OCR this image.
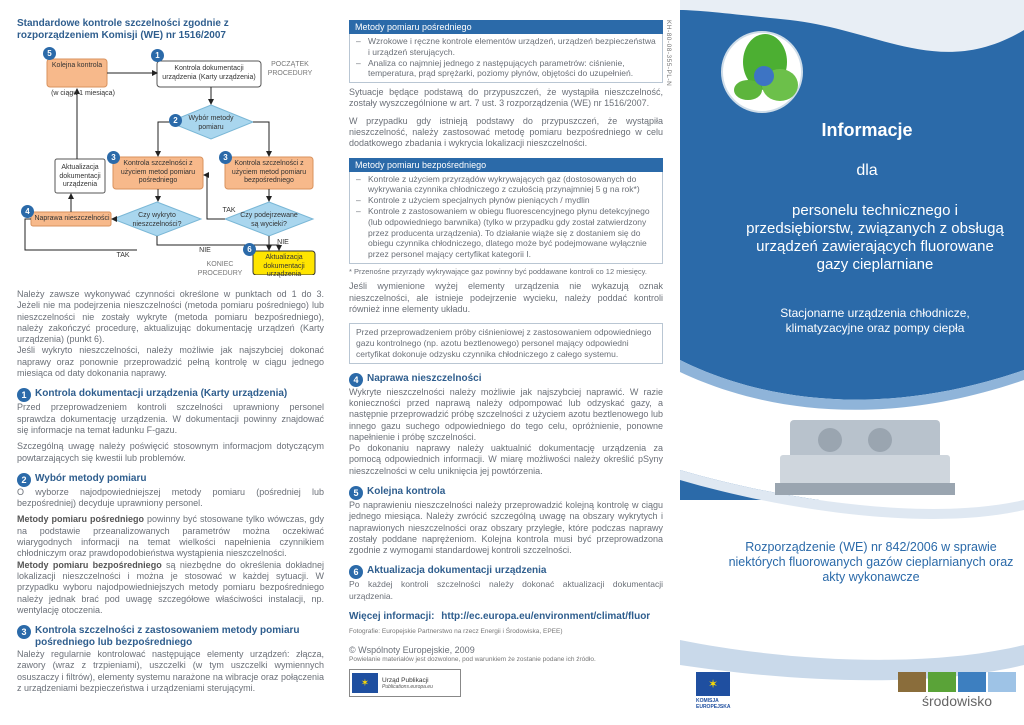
Standardowe kontrole szczelności zgodnie z rozporządzeniem Komisji (WE) nr 1516/2007
5
Kolejna kontrola
(w ciągu 1 miesiąca)
1
Kontrola dokumentacji urządzenia (Karty urządzenia)
POCZĄTEK PROCEDURY
2	Wybór metody pomiaru
3
Kontrola szczelności z użyciem metod pomiaru pośredniego
3
Kontrola szczelności z użyciem metod pomiaru bezpośredniego
Aktualizacja dokumentacji urządzenia
4
Naprawa nieszczelności	Czy wykryto nieszczelności?
Czy podejrzewane są wycieki?
TAK
NIE
TAK
NIE
6
Aktualizacja dokumentacji urządzenia
KONIEC PROCEDURY

Należy zawsze wykonywać czynności określone w punktach od 1 do 3. Jeżeli nie ma podejrzenia nieszczelności (metoda pomiaru pośredniego) lub nieszczelności nie zostały wykryte (metoda pomiaru bezpośredniego), należy zakończyć procedurę, aktualizując dokumentację urządzeń (Karty urządzenia) (punkt 6).

Jeśli wykryto nieszczelności, należy możliwie jak najszybciej dokonać naprawy oraz ponownie przeprowadzić pełną kontrolę w ciągu jednego miesiąca od daty dokonania naprawy.

1 Kontrola dokumentacji urządzenia (Karty urządzenia)

Przed przeprowadzeniem kontroli szczelności uprawniony personel sprawdza dokumentację urządzenia. W dokumentacji powinny znajdować się informacje na temat ładunku F-gazu.

Szczególną uwagę należy poświęcić stosownym informacjom dotyczącym powtarzających się kwestii lub problemów.

2 Wybór metody pomiaru

O wyborze najodpowiedniejszej metody pomiaru (pośredniej lub bezpośredniej) decyduje uprawniony personel.

Metody pomiaru pośredniego powinny być stosowane tylko wówczas, gdy na podstawie przeanalizowanych parametrów można oczekiwać wiarygodnych informacji na temat wielkości napełnienia czynnikiem chłodniczym oraz prawdopodobieństwa wystąpienia nieszczelności.

Metody pomiaru bezpośredniego są niezbędne do określenia dokładnej lokalizacji nieszczelności i można je stosować w każdej sytuacji. W przypadku wyboru najodpowiedniejszych metody pomiaru bezpośredniego należy jednak brać pod uwagę szczegółowe właściwości instalacji, np. wentylację otoczenia.

3 Kontrola szczelności z zastosowaniem metody pomiaru pośredniego lub bezpośredniego

Należy regularnie kontrolować następujące elementy urządzeń: złącza, zawory (wraz z trzpieniami), uszczelki (w tym uszczelki wymiennych osuszaczy i filtrów), elementy systemu narażone na wibracje oraz połączenia z urządzeniami bezpieczeństwa i urządzeniami sterującymi.

Metody pomiaru pośredniego
– Wzrokowe i ręczne kontrole elementów urządzeń, urządzeń bezpieczeństwa i urządzeń sterujących.
– Analiza co najmniej jednego z następujących parametrów: ciśnienie, temperatura, prąd sprężarki, poziomy płynów, objętości do uzupełnień.

Sytuacje będące podstawą do przypuszczeń, że wystąpiła nieszczelność, zostały wyszczególnione w art. 7 ust. 3 rozporządzenia (WE) nr 1516/2007.

W przypadku gdy istnieją podstawy do przypuszczeń, że wystąpiła nieszczelność, należy zastosować metodę pomiaru bezpośredniego w celu dodatkowego zbadania i wykrycia lokalizacji nieszczelności.

Metody pomiaru bezpośredniego
– Kontrole z użyciem przyrządów wykrywających gaz (dostosowanych do wykrywania czynnika chłodniczego z czułością przynajmniej 5 g na rok*)
– Kontrole z użyciem specjalnych płynów pieniących / mydlin
– Kontrole z zastosowaniem w obiegu fluorescencyjnego płynu detekcyjnego (lub odpowiedniego barwnika) (tylko w przypadku gdy został zatwierdzony przez producenta urządzenia). To działanie wiąże się z dostaniem się do obiegu czynnika chłodniczego, dlatego może być podejmowane wyłącznie przez personel mający certyfikat kategorii I.

* Przenośne przyrządy wykrywające gaz powinny być poddawane kontroli co 12 miesięcy.

Jeśli wymienione wyżej elementy urządzenia nie wykazują oznak nieszczelności, ale istnieje podejrzenie wycieku, należy poddać kontroli również inne elementy układu.

Przed przeprowadzeniem próby ciśnieniowej z zastosowaniem odpowiedniego gazu kontrolnego (np. azotu beztlenowego) personel mający odpowiedni certyfikat dokonuje odzysku czynnika chłodniczego z całego systemu.
4 Naprawa nieszczelności

Wykryte nieszczelności należy możliwie jak najszybciej naprawić. W razie konieczności przed naprawą należy odpompować lub odzyskać gazy, a następnie przeprowadzić próbę szczelności z użyciem azotu beztlenowego lub innego gazu suchego odpowiedniego do tego celu, opróżnienie, ponowne napełnienie i próbę szczelności.

Po dokonaniu naprawy należy uaktualnić dokumentację urządzenia za pomocą odpowiednich informacji. W miarę możliwości należy określić pSyny nieszczelności w celu uniknięcia jej powtórzenia.

5 Kolejna kontrola

Po naprawieniu nieszczelności należy przeprowadzić kolejną kontrolę w ciągu jednego miesiąca. Należy zwrócić szczególną uwagę na obszary wykrytych i naprawionych nieszczelności oraz obszary przyległe, które podczas naprawy zostały poddane naprężeniom. Kolejna kontrola musi być przeprowadzona zgodnie z wymogami standardowej kontroli szczelności.

6 Aktualizacja dokumentacji urządzenia

Po każdej kontroli szczelności należy dokonać aktualizacji dokumentacji urządzenia.

Więcej informacji: http://ec.europa.eu/environment/climat/fluor
Fotografie: Europejskie Partnerstwo na rzecz Energii i Środowiska, EPEE)
© Wspólnoty Europejskie, 2009
Powielanie materiałów jest dozwolone, pod warunkiem że zostanie podane ich źródło.
✶	Urząd Publikacji
Publications.europa.eu
KH-80-08-355-PL-N
Informacje
dla
personelu technicznego i przedsiębiorstw, związanych z obsługą urządzeń zawierających fluorowane gazy cieplarniane
Stacjonarne urządzenia chłodnicze, klimatyzacyjne oraz pompy ciepła
Rozporządzenie (WE) nr 842/2006 w sprawie niektórych fluorowanych gazów cieplarnianych oraz akty wykonawcze
✶
KOMISJA EUROPEJSKA	środowisko
